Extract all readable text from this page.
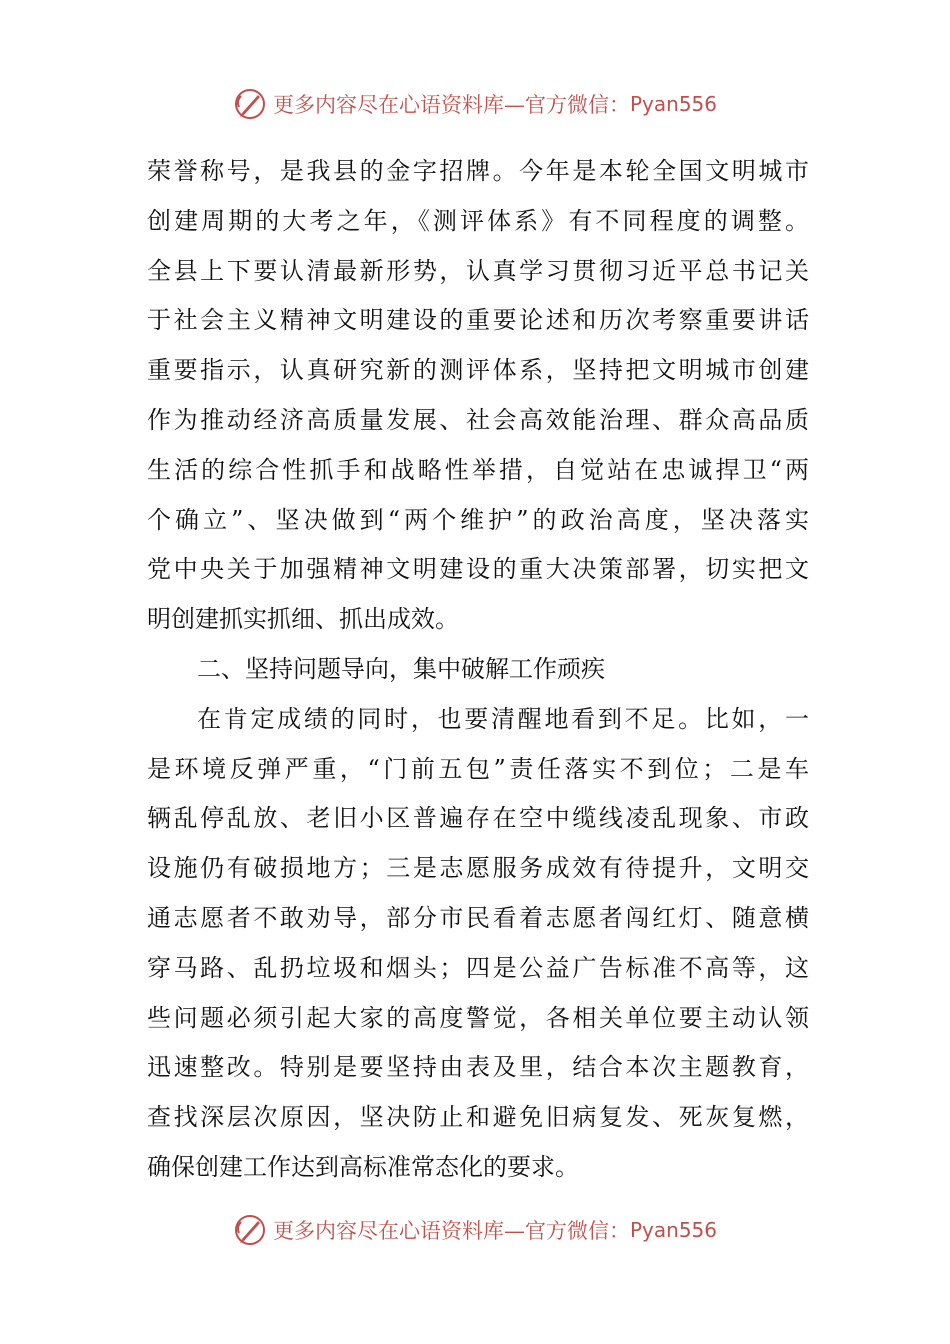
更多内容尽在心语资料库—官方微信： Pyan556
荣誉称号，是我县的金字招牌。今年是本轮全国文明城市
创建周期的大考之年，《测评体系》有不同程度的调整。
全县上下要认清最新形势，认真学习贯彻习近平总书记关
于社会主义精神文明建设的重要论述和历次考察重要讲话
重要指示，认真研究新的测评体系，坚持把文明城市创建
作为推动经济高质量发展、社会高效能治理、群众高品质
生活的综合性抓手和战略性举措，自觉站在忠诚捍卫“两
个确立”、坚决做到“两个维护”的政治高度，坚决落实
党中央关于加强精神文明建设的重大决策部署，切实把文
明创建抓实抓细、抓出成效。
二、坚持问题导向，集中破解工作顽疾
在肯定成绩的同时，也要清醒地看到不足。比如，一
是环境反弹严重，“门前五包”责任落实不到位；二是车
辆乱停乱放、老旧小区普遍存在空中缆线凌乱现象、市政
设施仍有破损地方；三是志愿服务成效有待提升，文明交
通志愿者不敢劝导，部分市民看着志愿者闯红灯、随意横
穿马路、乱扔垃圾和烟头；四是公益广告标准不高等，这
些问题必须引起大家的高度警觉，各相关单位要主动认领
迅速整改。特别是要坚持由表及里，结合本次主题教育，
查找深层次原因，坚决防止和避免旧病复发、死灰复燃，
确保创建工作达到高标准常态化的要求。
更多内容尽在心语资料库—官方微信： Pyan556
